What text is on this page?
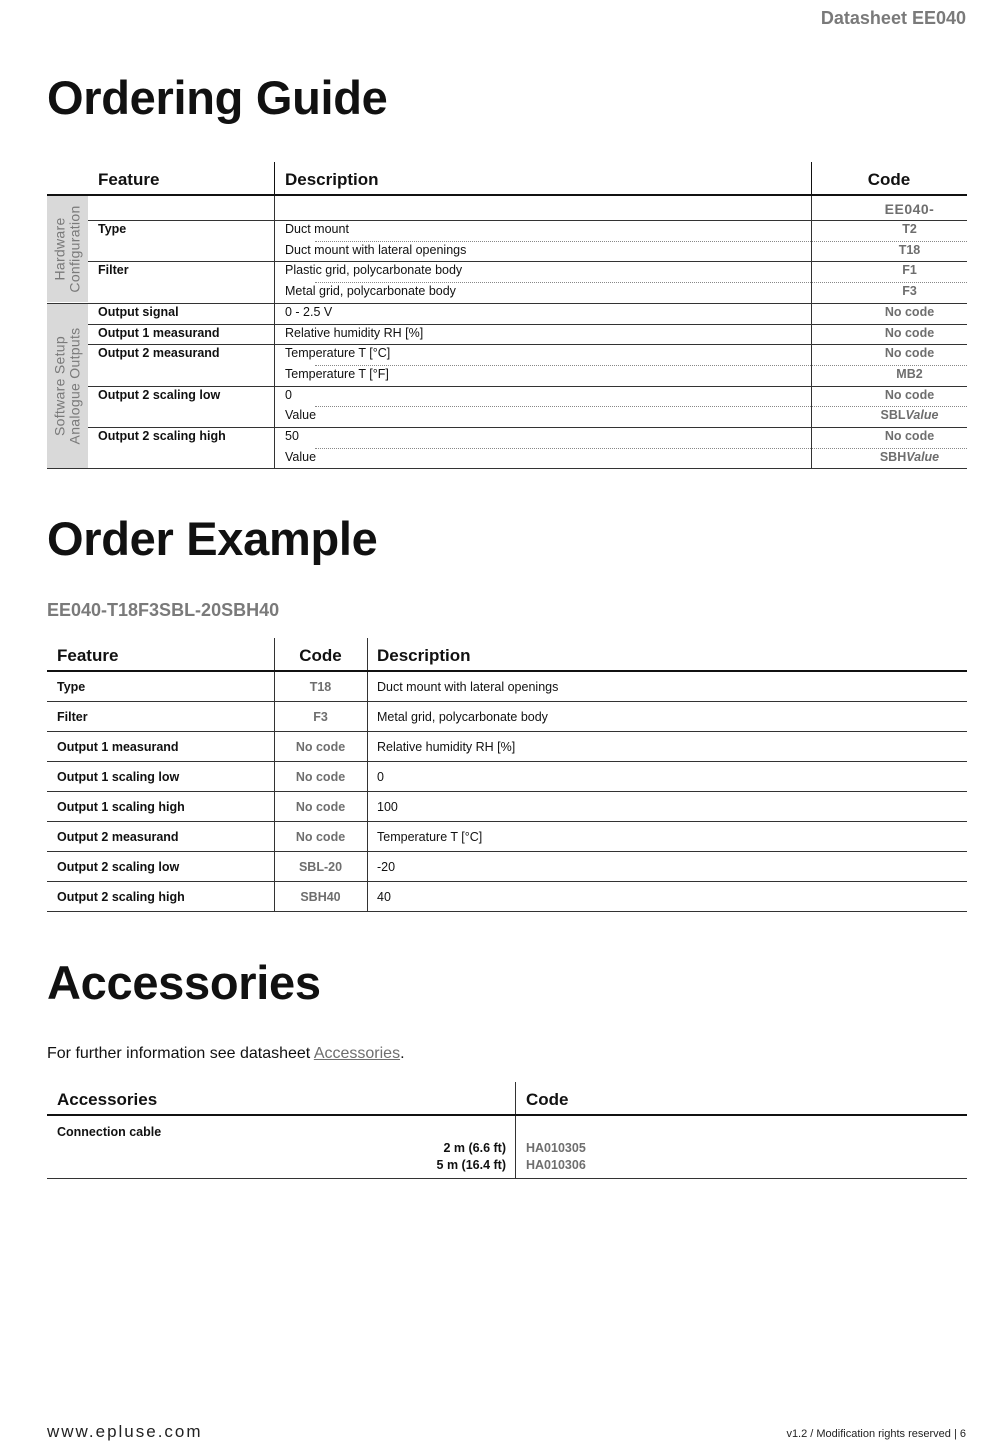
Datasheet EE040
Ordering Guide
Feature	Description	Code
Hardware Configuration
Software Setup Analogue Outputs
EE040-
Type	Duct mount	T2
Duct mount with lateral openings	T18
Filter	Plastic grid, polycarbonate body	F1
Metal grid, polycarbonate body	F3
Output signal	0 - 2.5 V	No code
Output 1 measurand	Relative humidity RH [%]	No code
Output 2 measurand	Temperature T [°C]	No code
Temperature T [°F]	MB2
Output 2 scaling low	0	No code
Value	SBLValue
Output 2 scaling high	50	No code
Value	SBHValue
Order Example
EE040-T18F3SBL-20SBH40
Feature	Code	Description
Type	T18	Duct mount with lateral openings
Filter	F3	Metal grid, polycarbonate body
Output 1 measurand	No code	Relative humidity RH [%]
Output 1 scaling low	No code	0
Output 1 scaling high	No code	100
Output 2 measurand	No code	Temperature T [°C]
Output 2 scaling low	SBL-20	-20
Output 2 scaling high	SBH40	40
Accessories
For further information see datasheet Accessories.
Accessories	Code
Connection cable
2 m (6.6 ft) HA010305
5 m (16.4 ft) HA010306
www.epluse.com	v1.2 / Modification rights reserved | 6
